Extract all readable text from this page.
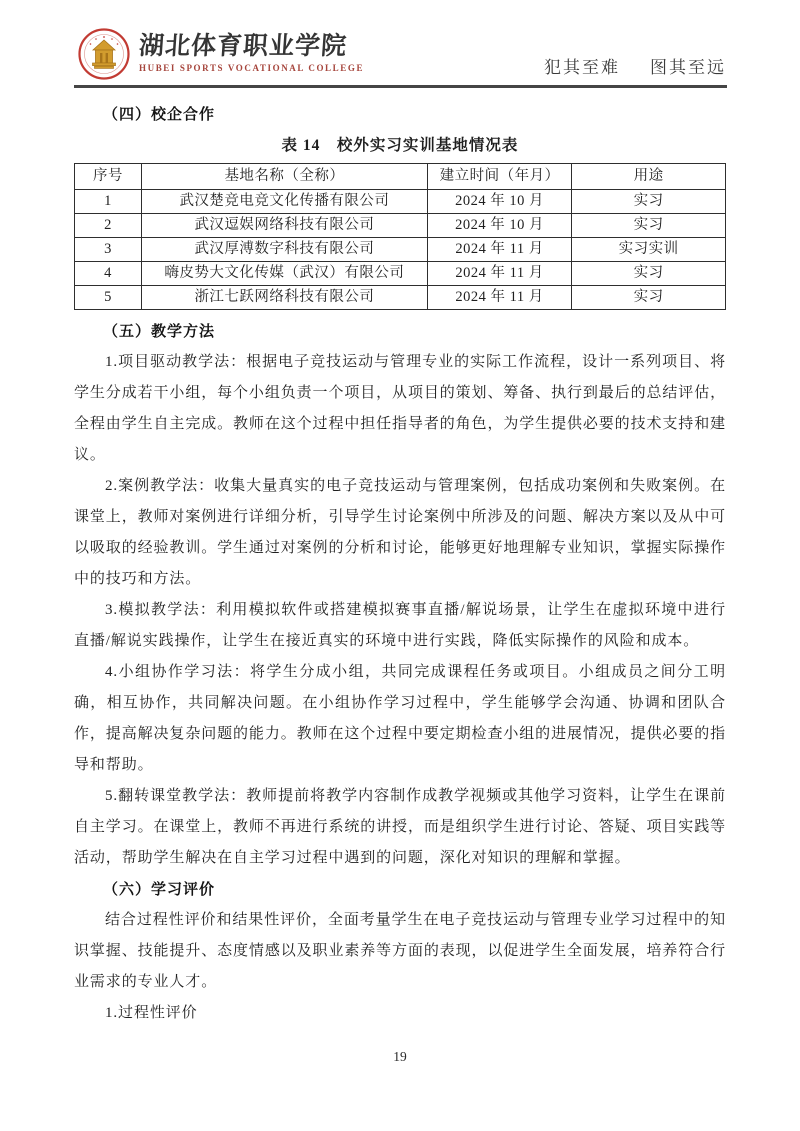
湖北体育职业学院
HUBEI SPORTS VOCATIONAL COLLEGE	犯其至难 图其至远
（四）校企合作
表 14　校外实习实训基地情况表
序号	基地名称（全称）	建立时间（年月）	用途
1	武汉楚竞电竞文化传播有限公司	2024 年 10 月	实习
2	武汉逗娱网络科技有限公司	2024 年 10 月	实习
3	武汉厚溥数字科技有限公司	2024 年 11 月	实习实训
4	嗨皮势大文化传媒（武汉）有限公司	2024 年 11 月	实习
5	浙江七跃网络科技有限公司	2024 年 11 月	实习
（五）教学方法

1.项目驱动教学法：根据电子竞技运动与管理专业的实际工作流程，设计一系列项目、将学生分成若干小组，每个小组负责一个项目，从项目的策划、筹备、执行到最后的总结评估，全程由学生自主完成。教师在这个过程中担任指导者的角色，为学生提供必要的技术支持和建议。

2.案例教学法：收集大量真实的电子竞技运动与管理案例，包括成功案例和失败案例。在课堂上，教师对案例进行详细分析，引导学生讨论案例中所涉及的问题、解决方案以及从中可以吸取的经验教训。学生通过对案例的分析和讨论，能够更好地理解专业知识，掌握实际操作中的技巧和方法。

3.模拟教学法：利用模拟软件或搭建模拟赛事直播/解说场景，让学生在虚拟环境中进行直播/解说实践操作，让学生在接近真实的环境中进行实践，降低实际操作的风险和成本。

4.小组协作学习法：将学生分成小组，共同完成课程任务或项目。小组成员之间分工明确，相互协作，共同解决问题。在小组协作学习过程中，学生能够学会沟通、协调和团队合作，提高解决复杂问题的能力。教师在这个过程中要定期检查小组的进展情况，提供必要的指导和帮助。

5.翻转课堂教学法：教师提前将教学内容制作成教学视频或其他学习资料，让学生在课前自主学习。在课堂上，教师不再进行系统的讲授，而是组织学生进行讨论、答疑、项目实践等活动，帮助学生解决在自主学习过程中遇到的问题，深化对知识的理解和掌握。

（六）学习评价

结合过程性评价和结果性评价，全面考量学生在电子竞技运动与管理专业学习过程中的知识掌握、技能提升、态度情感以及职业素养等方面的表现，以促进学生全面发展，培养符合行业需求的专业人才。

1.过程性评价

19
